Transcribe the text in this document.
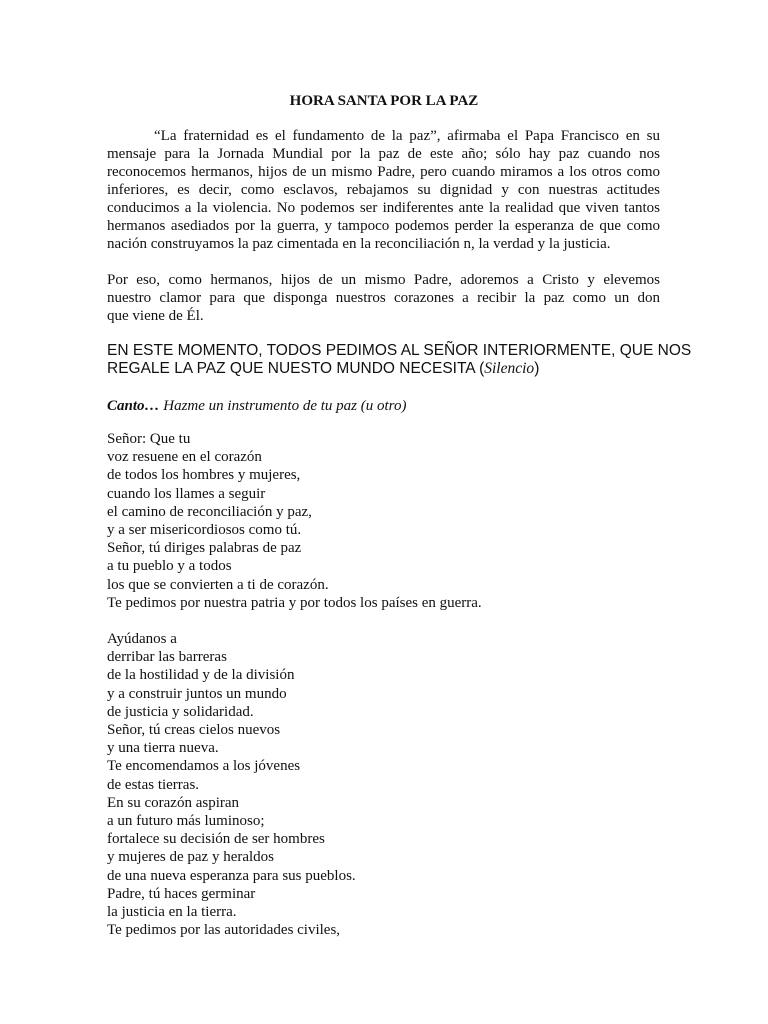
HORA SANTA POR LA PAZ
“La fraternidad es el fundamento de la paz”, afirmaba el Papa Francisco en su
mensaje para la Jornada Mundial por la paz de este año; sólo hay paz cuando nos
reconocemos hermanos, hijos de un mismo Padre, pero cuando miramos a los otros como
inferiores, es decir, como esclavos, rebajamos su dignidad y con nuestras actitudes
conducimos a la violencia. No podemos ser indiferentes ante la realidad que viven tantos
hermanos asediados por la guerra, y tampoco podemos perder la esperanza de que como
nación construyamos la paz cimentada en la reconciliación n, la verdad y la justicia.
Por eso, como hermanos, hijos de un mismo Padre, adoremos a Cristo y elevemos
nuestro clamor para que disponga nuestros corazones a recibir la paz como un don
que viene de Él.
EN ESTE MOMENTO, TODOS PEDIMOS AL SEÑOR INTERIORMENTE, QUE NOS
REGALE LA PAZ QUE NUESTO MUNDO NECESITA (Silencio)
Canto… Hazme un instrumento de tu paz (u otro)
Señor: Que tu
voz resuene en el corazón
de todos los hombres y mujeres,
cuando los llames a seguir
el camino de reconciliación y paz,
y a ser misericordiosos como tú.
Señor, tú diriges palabras de paz
a tu pueblo y a todos
los que se convierten a ti de corazón.
Te pedimos por nuestra patria y por todos los países en guerra.
Ayúdanos a
derribar las barreras
de la hostilidad y de la división
y a construir juntos un mundo
de justicia y solidaridad.
Señor, tú creas cielos nuevos
y una tierra nueva.
Te encomendamos a los jóvenes
de estas tierras.
En su corazón aspiran
a un futuro más luminoso;
fortalece su decisión de ser hombres
y mujeres de paz y heraldos
de una nueva esperanza para sus pueblos.
Padre, tú haces germinar
la justicia en la tierra.
Te pedimos por las autoridades civiles,
